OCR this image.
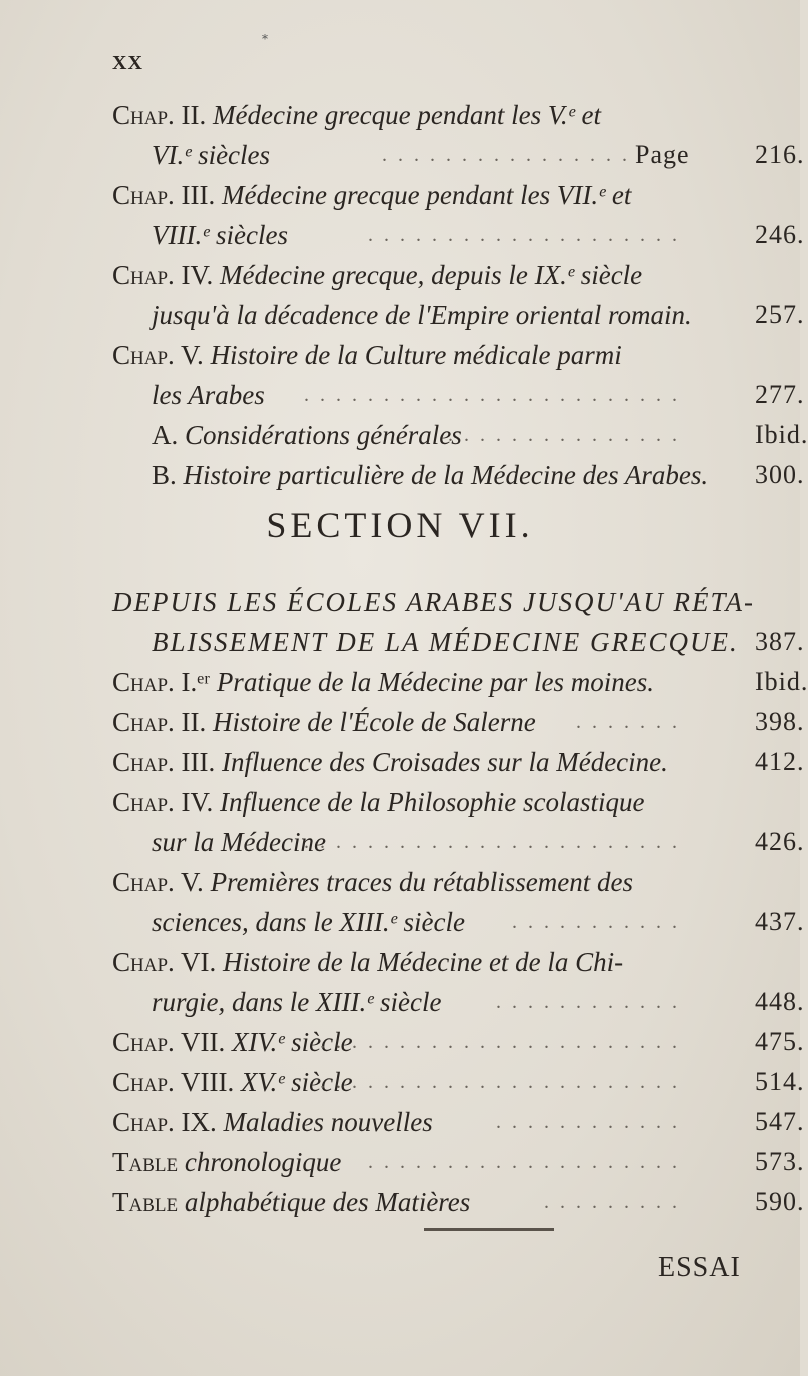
XX
*
Chap. II. Médecine grecque pendant les V.ᵉ et
VI.ᵉ siècles	. . . . . . . . . . . . . . . . Page	216.
Chap. III. Médecine grecque pendant les VII.ᵉ et
VIII.ᵉ siècles	. . . . . . . . . . . . . . . . . . . .	246.
Chap. IV. Médecine grecque, depuis le IX.ᵉ siècle
jusqu'à la décadence de l'Empire oriental romain. 257.
Chap. V. Histoire de la Culture médicale parmi
les Arabes . . . . . . . . . . . . . . . . . . . . . . . .	277.
A. Considérations générales
. . . . . . . . . . . . . . .	Ibid.
B. Histoire particulière de la Médecine des Arabes. 300.
SECTION VII.
DEPUIS LES ÉCOLES ARABES JUSQU'AU RÉTA-
BLISSEMENT DE LA MÉDECINE GRECQUE. 387.
Chap. I.ᵉʳ Pratique de la Médecine par les moines.	Ibid.
Chap. II. Histoire de l'École de Salerne . . . . . . .	398.
Chap. III. Influence des Croisades sur la Médecine.	412.
Chap. IV. Influence de la Philosophie scolastique
sur la Médecine
. . . . . . . . . . . . . . . . . . . . . . . .	426.
Chap. V. Premières traces du rétablissement des
sciences, dans le XIII.ᵉ siècle . . . . . . . . . . .	437.
Chap. VI. Histoire de la Médecine et de la Chi-
rurgie, dans le XIII.ᵉ siècle	. . . . . . . . . . . .	448.
Chap. VII. XIV.ᵉ siècle
. . . . . . . . . . . . . . . . . . . . . . .	475.
Chap. VIII. XV.ᵉ siècle
. . . . . . . . . . . . . . . . . . . . . . .	514.
Chap. IX. Maladies nouvelles	. . . . . . . . . . . .	547.
Table chronologique . . . . . . . . . . . . . . . . . . . .	573.
Table alphabétique des Matières	. . . . . . . . .	590.
ESSAI
